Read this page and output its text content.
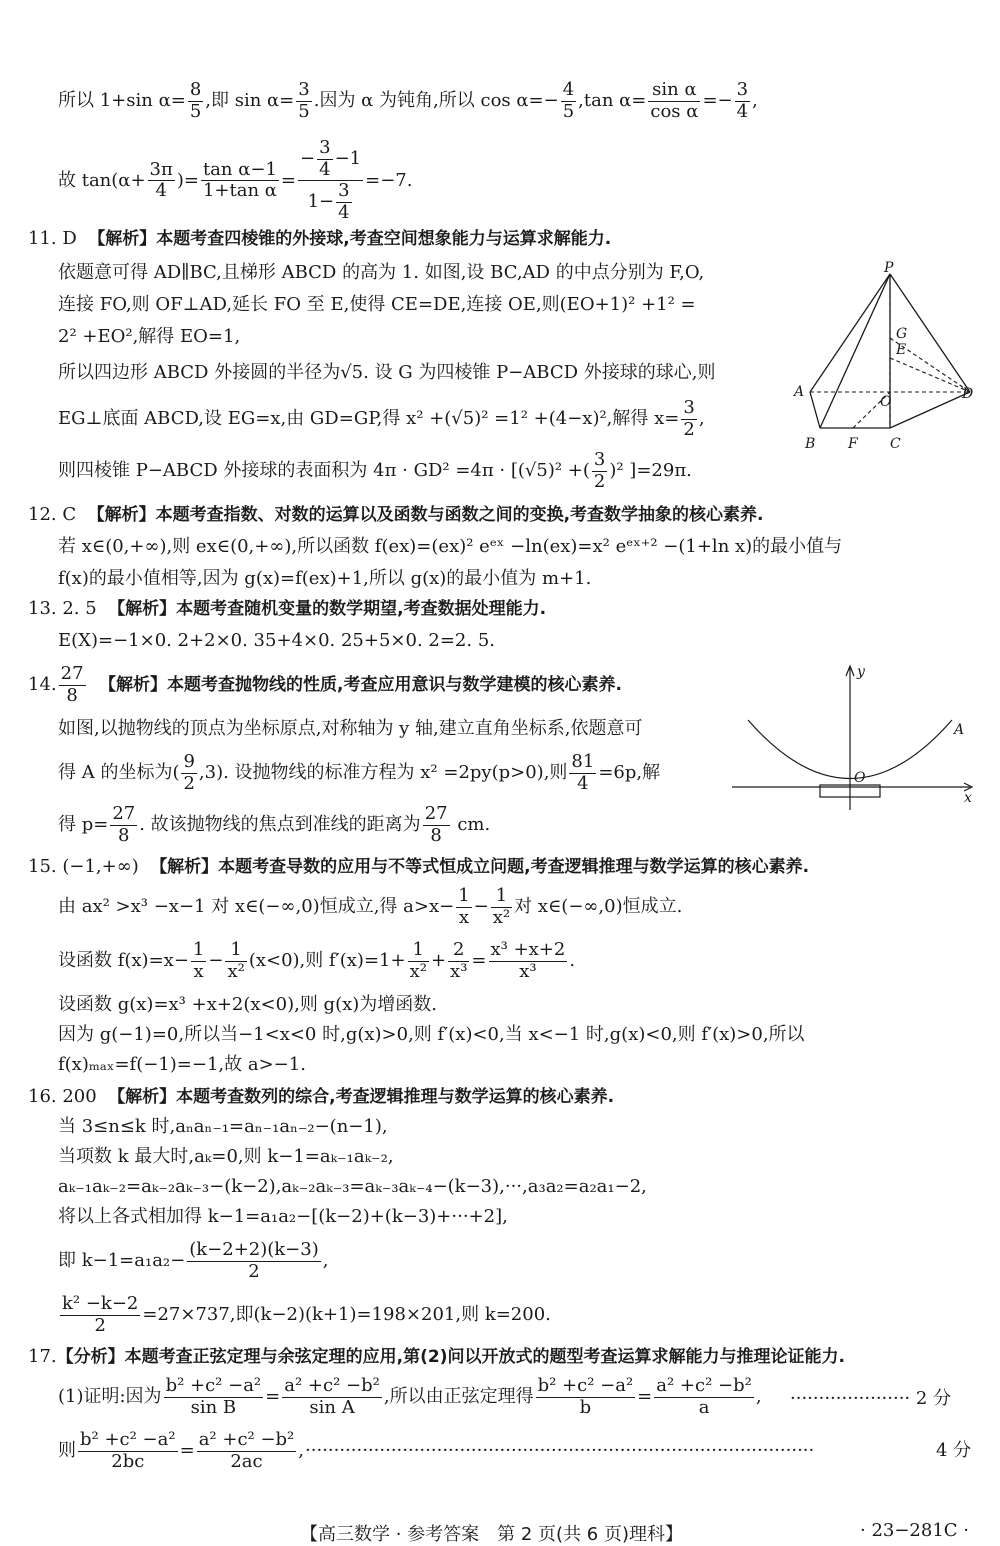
所以 1+sin $\alpha= \frac{8}{5}$ ,即 $\sin \alpha= \frac{3}{5}$ .因为 α 为钝角,所以 $\cos \alpha=- \frac{4}{5} ,\tan$ $\alpha= \frac{\text{sin α}}{\text{cos α}} =- \frac{3}{4}$ ,
故 $\tan(\alpha+ \frac{3\pi}{4}$ )= $\frac{\text{tan α−1}}{\text{1+tan α}} = \frac{- \frac{3}{4} -1}{1- \frac{3}{4}} =-7$.
11. D 【解析】本题考查四棱锥的外接球,考查空间想象能力与运算求解能力.
依题意可得 AD∥BC,且梯形 ABCD 的高为 1. 如图,设 BC,AD 的中点分别为 F,O,
连接 FO,则 OF⊥AD,延长 FO 至 E,使得 CE=DE,连接 OE,则(EO+1)² +1² =
2² +EO²,解得 EO=1,
所以四边形 ABCD 外接圆的半径为√5. 设 G 为四棱锥 P−ABCD 外接球的球心,则
EG⊥底面 ABCD,设 EG=x,由 GD=GP,得 x² +(√5)² =1² +(4−x)²,解得 $x= \frac{3}{2}$ ,
则四棱锥 P−ABCD 外接球的表面积为 4π · GD² =4π · [(√5)² +( $\frac{3}{2} )^2$ ]=29π.
P
G
E
A
O	D
B F C
12. C 【解析】本题考查指数、对数的运算以及函数与函数之间的变换,考查数学抽象的核心素养.
若 x∈(0,+∞),则 ex∈(0,+∞),所以函数 f(ex)=(ex)² eᵉˣ −ln(ex)=x² eᵉˣ⁺² −(1+ln x)的最小值与
f(x)的最小值相等,因为 g(x)=f(ex)+1,所以 g(x)的最小值为 m+1.
13. 2. 5 【解析】本题考查随机变量的数学期望,考查数据处理能力.
E(X)=−1×0. 2+2×0. 35+4×0. 25+5×0. 2=2. 5.
14. $\frac{27}{8}$ 【解析】本题考查抛物线的性质,考查应用意识与数学建模的核心素养.
如图,以抛物线的顶点为坐标原点,对称轴为 y 轴,建立直角坐标系,依题意可
得 A 的坐标为( $\frac{9}{2} ,3$). 设抛物线的标准方程为 x² =2py(p>0),则 $\frac{81}{4} =6p$,解
得 $p= \frac{27}{8}$ . 故该抛物线的焦点到准线的距离为 $\frac{27}{8}$ cm.
y
A
O
x
15. (−1,+∞) 【解析】本题考查导数的应用与不等式恒成立问题,考查逻辑推理与数学运算的核心素养.
由 ax² >x³ −x−1 对 x∈(−∞,0)恒成立,得 $a>x- \frac{1}{x} - \frac{1}{\text{x²}}$ 对 x∈(−∞,0)恒成立.
设函数 $f(x)=x- \frac{1}{x} - \frac{1}{\text{x²}} (x<0)$,则 $f'(x)=1+ \frac{1}{\text{x²}} + \frac{2}{\text{x³}} = \frac{\text{x³ +x+2}}{\text{x³}}$ .
设函数 g(x)=x³ +x+2(x<0),则 g(x)为增函数.
因为 g(−1)=0,所以当−1<x<0 时,g(x)>0,则 f′(x)<0,当 x<−1 时,g(x)<0,则 f′(x)>0,所以
f(x)ₘₐₓ=f(−1)=−1,故 a>−1.
16. 200 【解析】本题考查数列的综合,考查逻辑推理与数学运算的核心素养.
当 3≤n≤k 时,aₙaₙ₋₁=aₙ₋₁aₙ₋₂−(n−1),
当项数 k 最大时,aₖ=0,则 k−1=aₖ₋₁aₖ₋₂,
aₖ₋₁aₖ₋₂=aₖ₋₂aₖ₋₃−(k−2),aₖ₋₂aₖ₋₃=aₖ₋₃aₖ₋₄−(k−3),···,a₃a₂=a₂a₁−2,
将以上各式相加得 k−1=a₁a₂−[(k−2)+(k−3)+···+2],
即 $k-1=a_1a_2- \frac{(k-2+2)(k-3)}{2}$ ,
$\frac{\text{k² −k−2}}{2} =27\times 737$,即(k−2)(k+1)=198×201,则 k=200.
17.【分析】本题考查正弦定理与余弦定理的应用,第(2)问以开放式的题型考查运算求解能力与推理论证能力.
(1)证明:因为 $\frac{\text{b² +c² −a²}}{\text{sin B}} = \frac{\text{a² +c² −b²}}{\text{sin A}}$ ,所以由正弦定理得 $\frac{\text{b² +c² −a²}}{b} = \frac{\text{a² +c² −b²}}{a}$ , ····················· 2 分
则 $\frac{\text{b² +c² −a²}}{2bc} = \frac{\text{a² +c² −b²}}{2ac}$ , ·························································································	4 分
【高三数学 · 参考答案　第 2 页(共 6 页)理科】	· 23−281C ·
